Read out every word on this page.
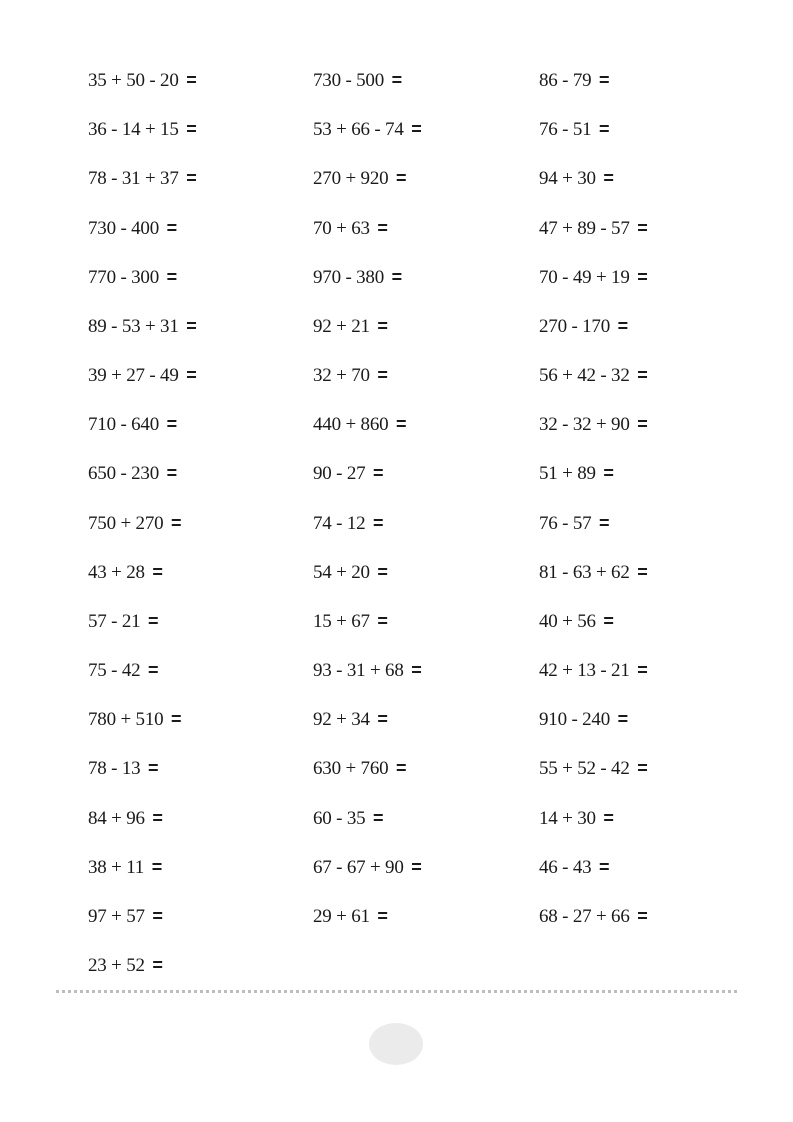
35 + 50 - 20 =
36 - 14 + 15 =
78 - 31 + 37 =
730 - 400 =
770 - 300 =
89 - 53 + 31 =
39 + 27 - 49 =
710 - 640 =
650 - 230 =
750 + 270 =
43 + 28 =
57 - 21 =
75 - 42 =
780 + 510 =
78 - 13 =
84 + 96 =
38 + 11 =
97 + 57 =
23 + 52 =
730 - 500 =
53 + 66 - 74 =
270 + 920 =
70 + 63 =
970 - 380 =
92 + 21 =
32 + 70 =
440 + 860 =
90 - 27 =
74 - 12 =
54 + 20 =
15 + 67 =
93 - 31 + 68 =
92 + 34 =
630 + 760 =
60 - 35 =
67 - 67 + 90 =
29 + 61 =
86 - 79 =
76 - 51 =
94 + 30 =
47 + 89 - 57 =
70 - 49 + 19 =
270 - 170 =
56 + 42 - 32 =
32 - 32 + 90 =
51 + 89 =
76 - 57 =
81 - 63 + 62 =
40 + 56 =
42 + 13 - 21 =
910 - 240 =
55 + 52 - 42 =
14 + 30 =
46 - 43 =
68 - 27 + 66 =
